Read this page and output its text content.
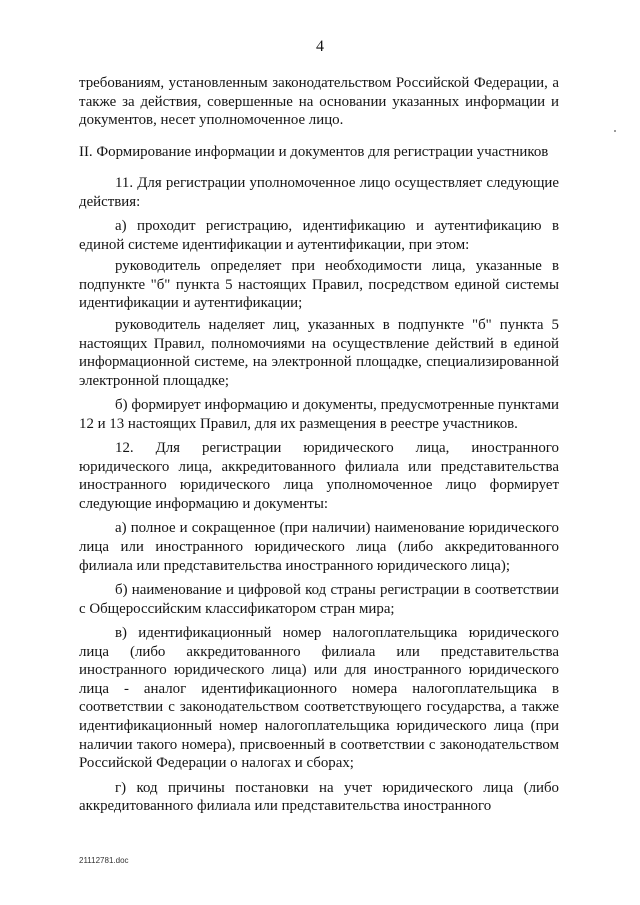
4

требованиям, установленным законодательством Российской Федерации, а также за действия, совершенные на основании указанных информации и документов, несет уполномоченное лицо.

II. Формирование информации и документов для регистрации участников

11. Для регистрации уполномоченное лицо осуществляет следующие действия:

а) проходит регистрацию, идентификацию и аутентификацию в единой системе идентификации и аутентификации, при этом:

руководитель определяет при необходимости лица, указанные в подпункте "б" пункта 5 настоящих Правил, посредством единой системы идентификации и аутентификации;

руководитель наделяет лиц, указанных в подпункте "б" пункта 5 настоящих Правил, полномочиями на осуществление действий в единой информационной системе, на электронной площадке, специализированной электронной площадке;

б) формирует информацию и документы, предусмотренные пунктами 12 и 13 настоящих Правил, для их размещения в реестре участников.

12. Для регистрации юридического лица, иностранного юридического лица, аккредитованного филиала или представительства иностранного юридического лица уполномоченное лицо формирует следующие информацию и документы:

а) полное и сокращенное (при наличии) наименование юридического лица или иностранного юридического лица (либо аккредитованного филиала или представительства иностранного юридического лица);

б) наименование и цифровой код страны регистрации в соответствии с Общероссийским классификатором стран мира;

в) идентификационный номер налогоплательщика юридического лица (либо аккредитованного филиала или представительства иностранного юридического лица) или для иностранного юридического лица - аналог идентификационного номера налогоплательщика в соответствии с законодательством соответствующего государства, а также идентификационный номер налогоплательщика юридического лица (при наличии такого номера), присвоенный в соответствии с законодательством Российской Федерации о налогах и сборах;

г) код причины постановки на учет юридического лица (либо аккредитованного филиала или представительства иностранного

21112781.doc
